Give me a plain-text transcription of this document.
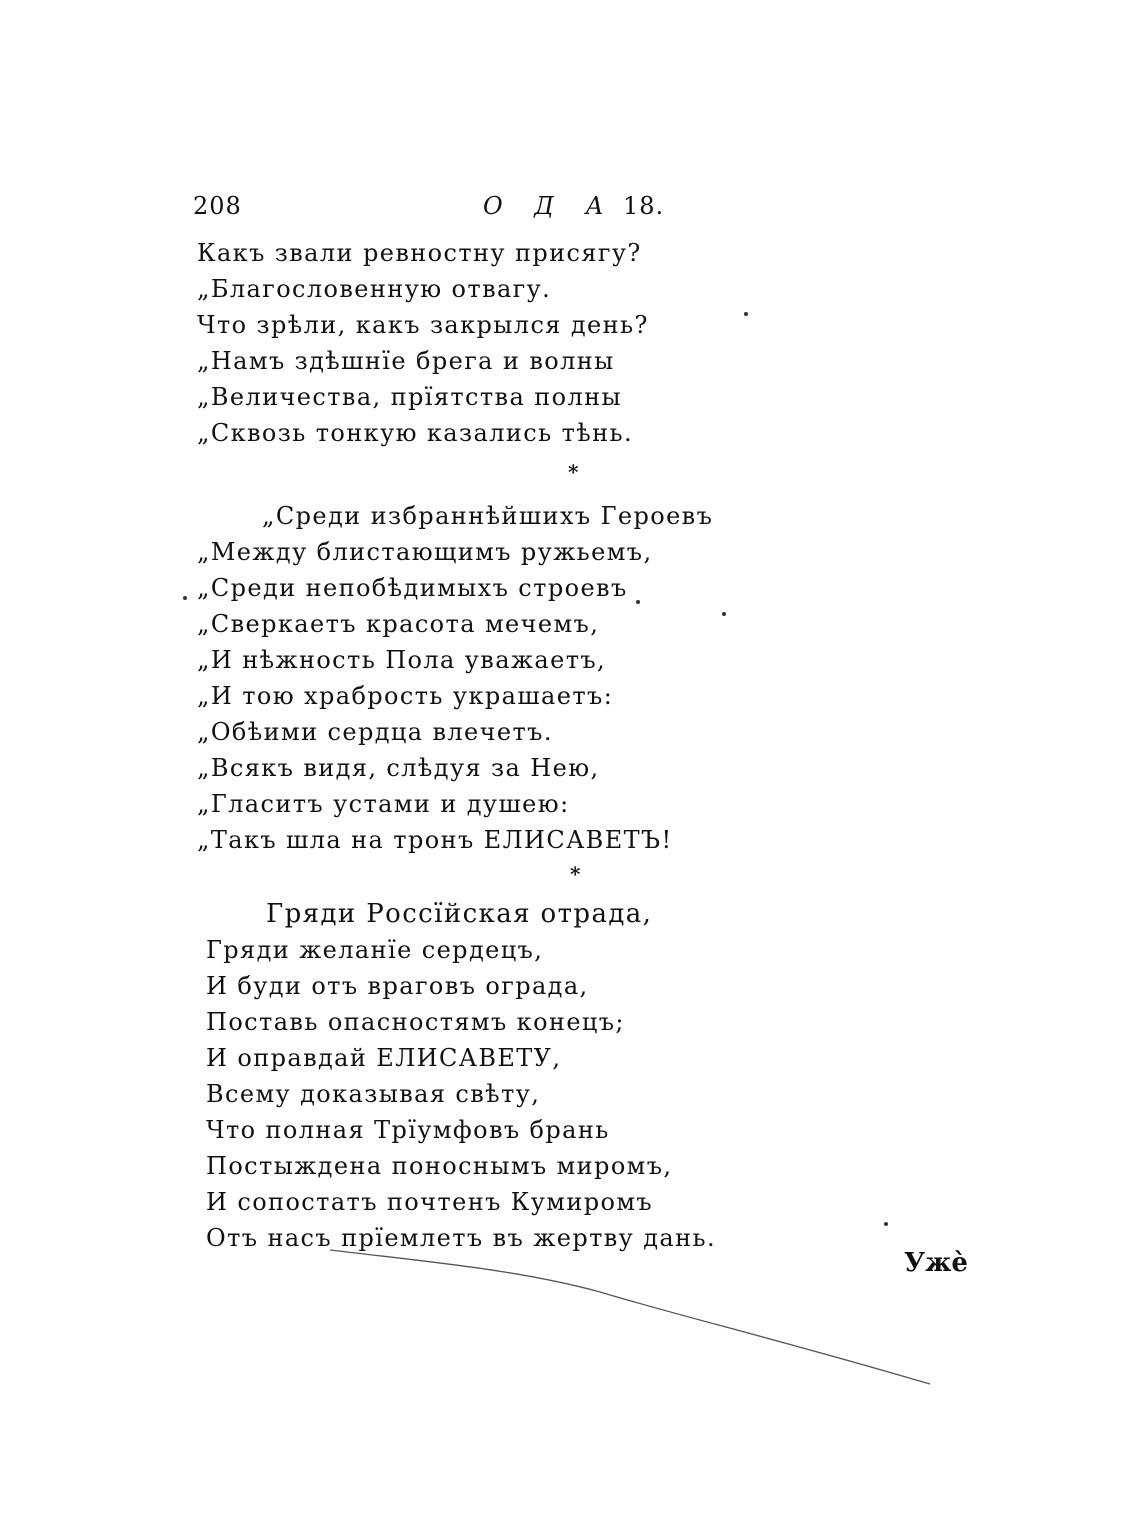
208	О Д А 18.
Какъ звали ревностну присягу?
„Благословенную отвагу.
Что зрѣли, какъ закрылся день?
„Намъ здѣшнїе брега и волны
„Величества, прїятства полны
„Сквозь тонкую казались тѣнь.
*
„Среди избраннѣйшихъ Героевъ
„Между блистающимъ ружьемъ,
„Среди непобѣдимыхъ строевъ
„Сверкаетъ красота мечемъ,
„И нѣжность Пола уважаетъ,
„И тою храбрость украшаетъ:
„Обѣими сердца влечетъ.
„Всякъ видя, слѣдуя за Нею,
„Гласитъ устами и душею:
„Такъ шла на тронъ ЕЛИСАВЕТЪ!
*
Гряди Россїйская отрада,
Гряди желанїе сердецъ,
И буди отъ враговъ ограда,
Поставь опасностямъ конецъ;
И оправдай ЕЛИСАВЕТУ,
Всему доказывая свѣту,
Что полная Трїумфовъ брань
Постыждена поноснымъ миромъ,
И сопостатъ почтенъ Кумиромъ
Отъ насъ прїемлетъ въ жертву дань.
Ужè
